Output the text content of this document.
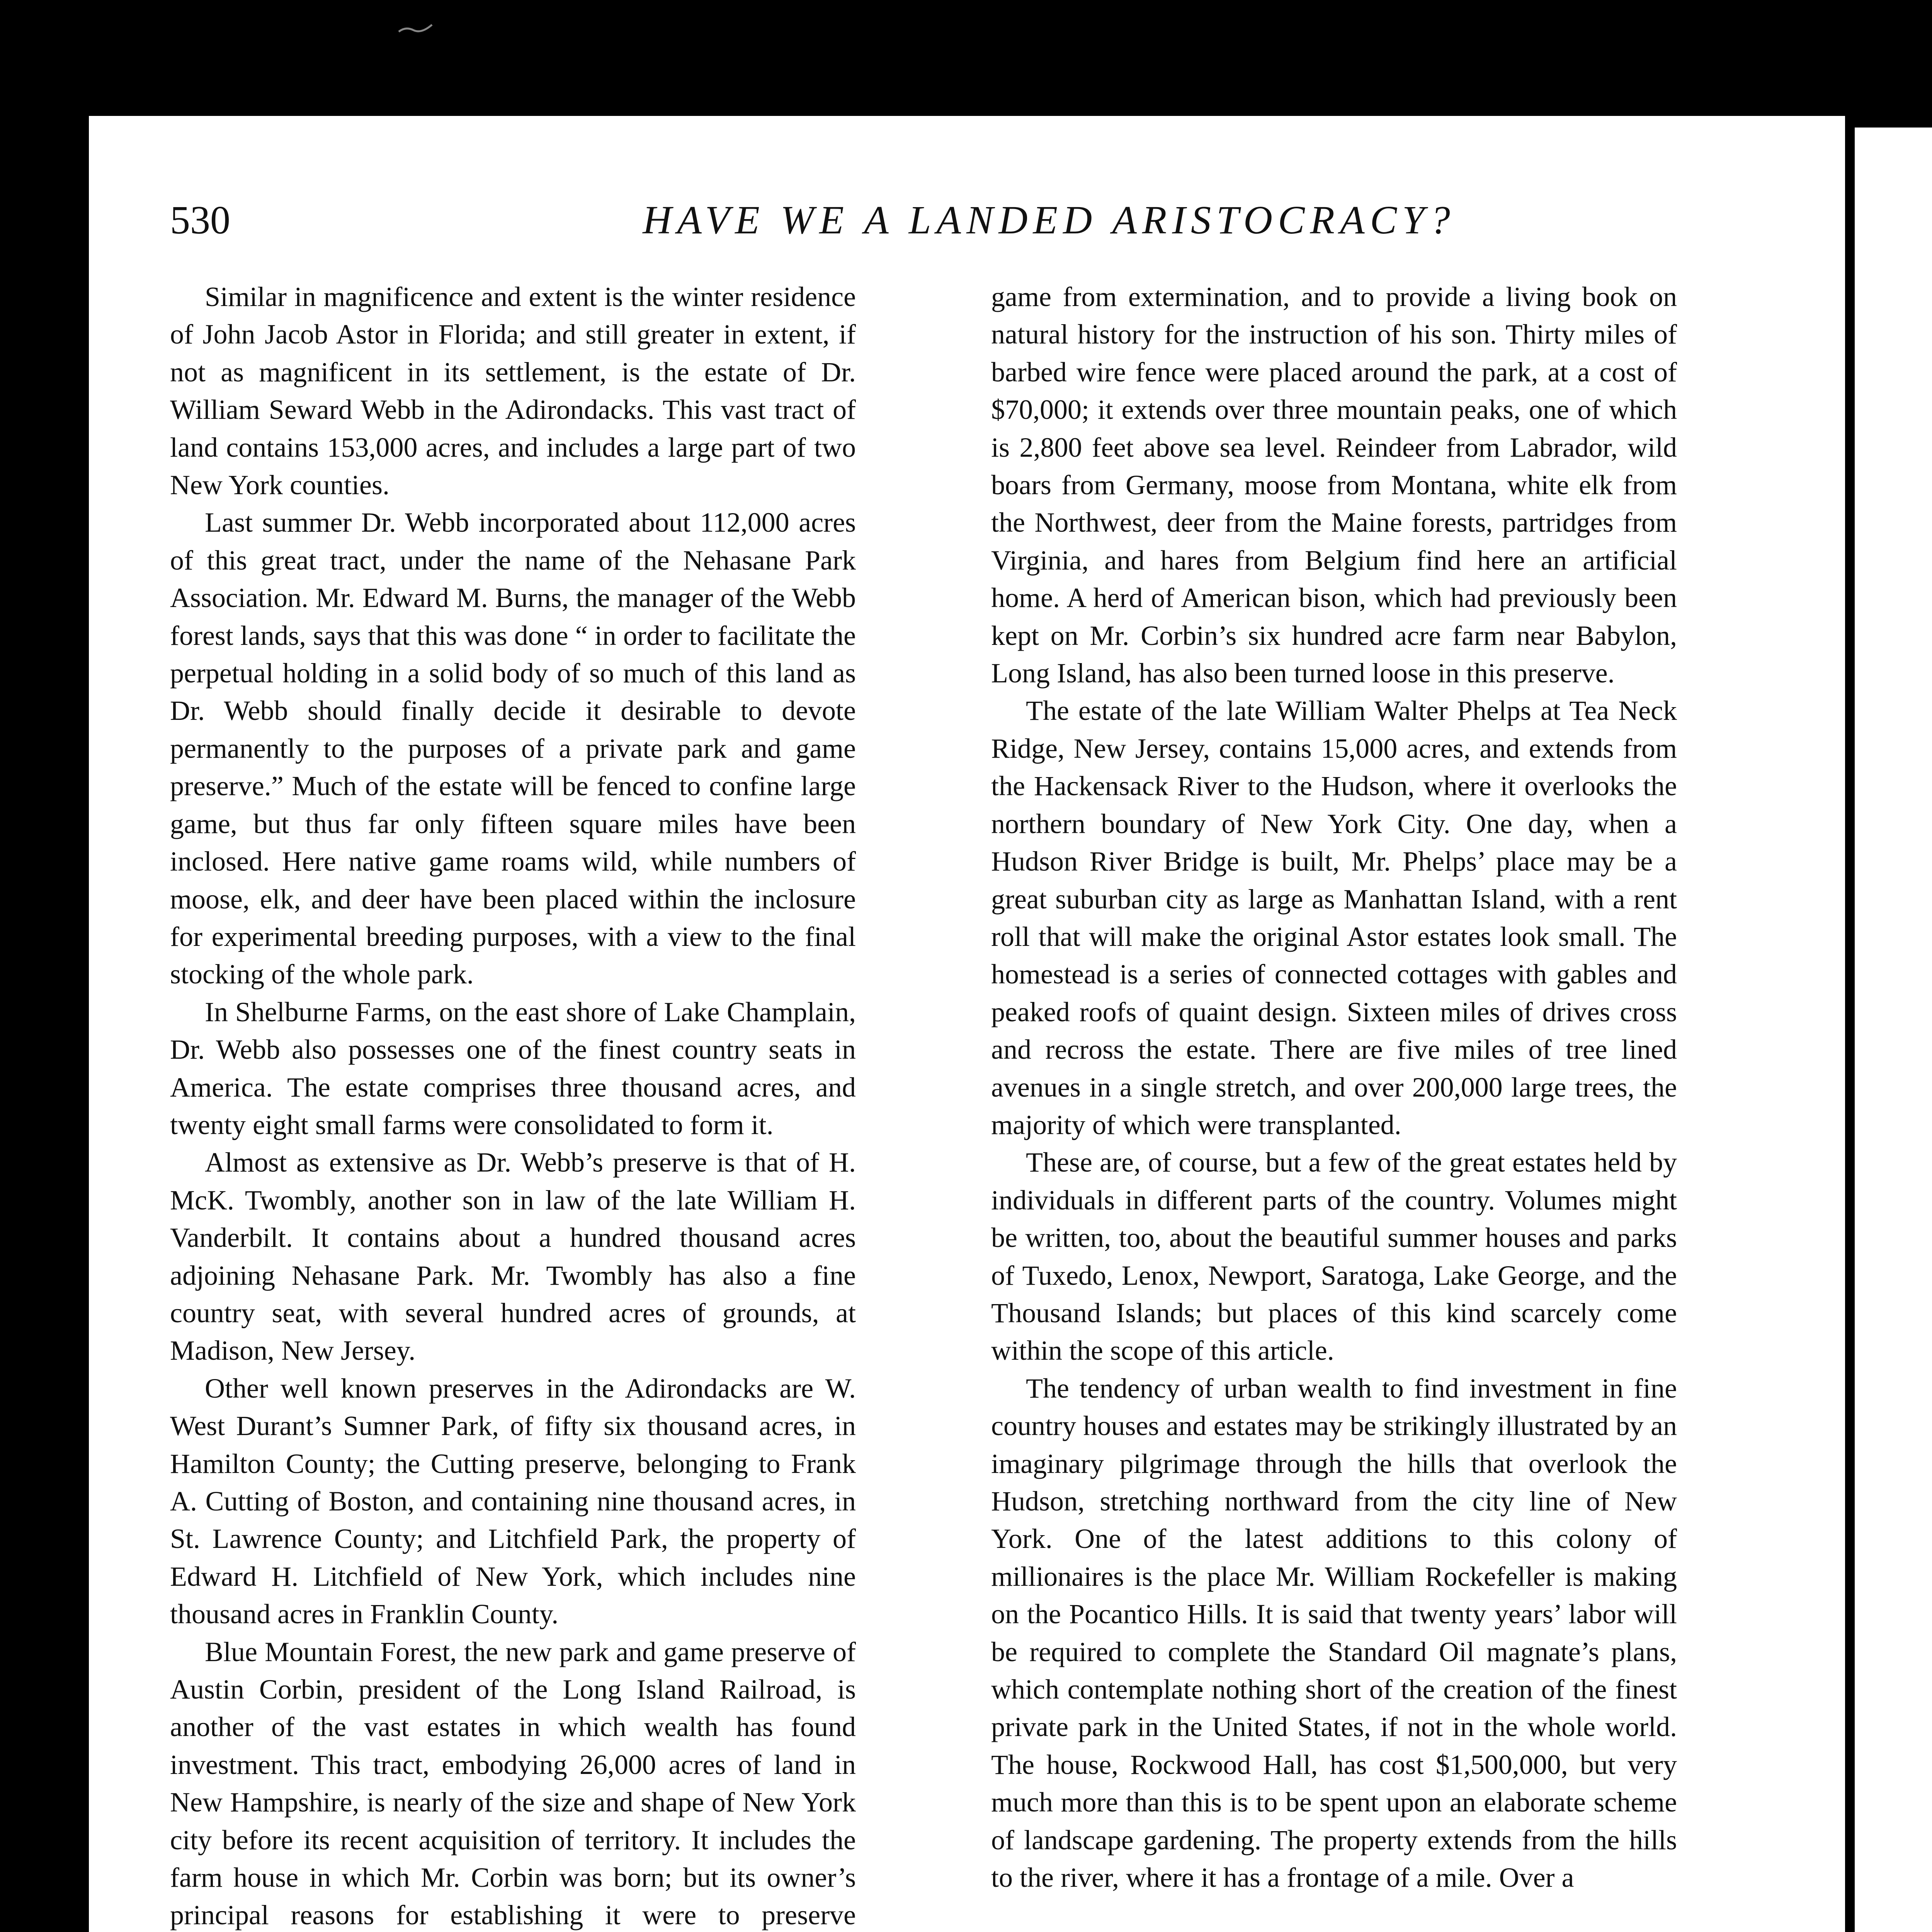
530	HAVE WE A LANDED ARISTOCRACY?

Similar in magnificence and extent is the winter residence of John Jacob Astor in Florida; and still greater in extent, if not as magnificent in its settlement, is the estate of Dr. William Seward Webb in the Adirondacks. This vast tract of land contains 153,000 acres, and includes a large part of two New York counties.

Last summer Dr. Webb incorporated about 112,000 acres of this great tract, under the name of the Nehasane Park Association. Mr. Edward M. Burns, the manager of the Webb forest lands, says that this was done “ in order to facilitate the perpetual holding in a solid body of so much of this land as Dr. Webb should finally decide it desirable to devote permanently to the purposes of a private park and game preserve.” Much of the estate will be fenced to confine large game, but thus far only fifteen square miles have been inclosed. Here native game roams wild, while numbers of moose, elk, and deer have been placed within the inclosure for experimental breeding purposes, with a view to the final stocking of the whole park.

In Shelburne Farms, on the east shore of Lake Champlain, Dr. Webb also possesses one of the finest country seats in America. The estate comprises three thousand acres, and twenty eight small farms were consolidated to form it.

Almost as extensive as Dr. Webb’s preserve is that of H. McK. Twombly, another son in law of the late William H. Vanderbilt. It contains about a hundred thousand acres adjoining Nehasane Park. Mr. Twombly has also a fine country seat, with several hundred acres of grounds, at Madison, New Jersey.

Other well known preserves in the Adirondacks are W. West Durant’s Sumner Park, of fifty six thousand acres, in Hamilton County; the Cutting preserve, belonging to Frank A. Cutting of Boston, and containing nine thousand acres, in St. Lawrence County; and Litchfield Park, the property of Edward H. Litchfield of New York, which includes nine thousand acres in Franklin County.

Blue Mountain Forest, the new park and game preserve of Austin Corbin, president of the Long Island Railroad, is another of the vast estates in which wealth has found investment. This tract, embodying 26,000 acres of land in New Hampshire, is nearly of the size and shape of New York city before its recent acquisition of territory. It includes the farm house in which Mr. Corbin was born; but its owner’s principal reasons for establishing it were to preserve

game from extermination, and to provide a living book on natural history for the instruction of his son. Thirty miles of barbed wire fence were placed around the park, at a cost of $70,000; it extends over three mountain peaks, one of which is 2,800 feet above sea level. Reindeer from Labrador, wild boars from Germany, moose from Montana, white elk from the Northwest, deer from the Maine forests, partridges from Virginia, and hares from Belgium find here an artificial home. A herd of American bison, which had previously been kept on Mr. Corbin’s six hundred acre farm near Babylon, Long Island, has also been turned loose in this preserve.

The estate of the late William Walter Phelps at Tea Neck Ridge, New Jersey, contains 15,000 acres, and extends from the Hackensack River to the Hudson, where it overlooks the northern boundary of New York City. One day, when a Hudson River Bridge is built, Mr. Phelps’ place may be a great suburban city as large as Manhattan Island, with a rent roll that will make the original Astor estates look small. The homestead is a series of connected cottages with gables and peaked roofs of quaint design. Sixteen miles of drives cross and recross the estate. There are five miles of tree lined avenues in a single stretch, and over 200,000 large trees, the majority of which were transplanted.

These are, of course, but a few of the great estates held by individuals in different parts of the country. Volumes might be written, too, about the beautiful summer houses and parks of Tuxedo, Lenox, Newport, Saratoga, Lake George, and the Thousand Islands; but places of this kind scarcely come within the scope of this article.

The tendency of urban wealth to find investment in fine country houses and estates may be strikingly illustrated by an imaginary pilgrimage through the hills that overlook the Hudson, stretching northward from the city line of New York. One of the latest additions to this colony of millionaires is the place Mr. William Rockefeller is making on the Pocantico Hills. It is said that twenty years’ labor will be required to complete the Standard Oil magnate’s plans, which contemplate nothing short of the creation of the finest private park in the United States, if not in the whole world. The house, Rockwood Hall, has cost $1,500,000, but very much more than this is to be spent upon an elaborate scheme of landscape gardening. The property extends from the hills to the river, where it has a frontage of a mile. Over a
